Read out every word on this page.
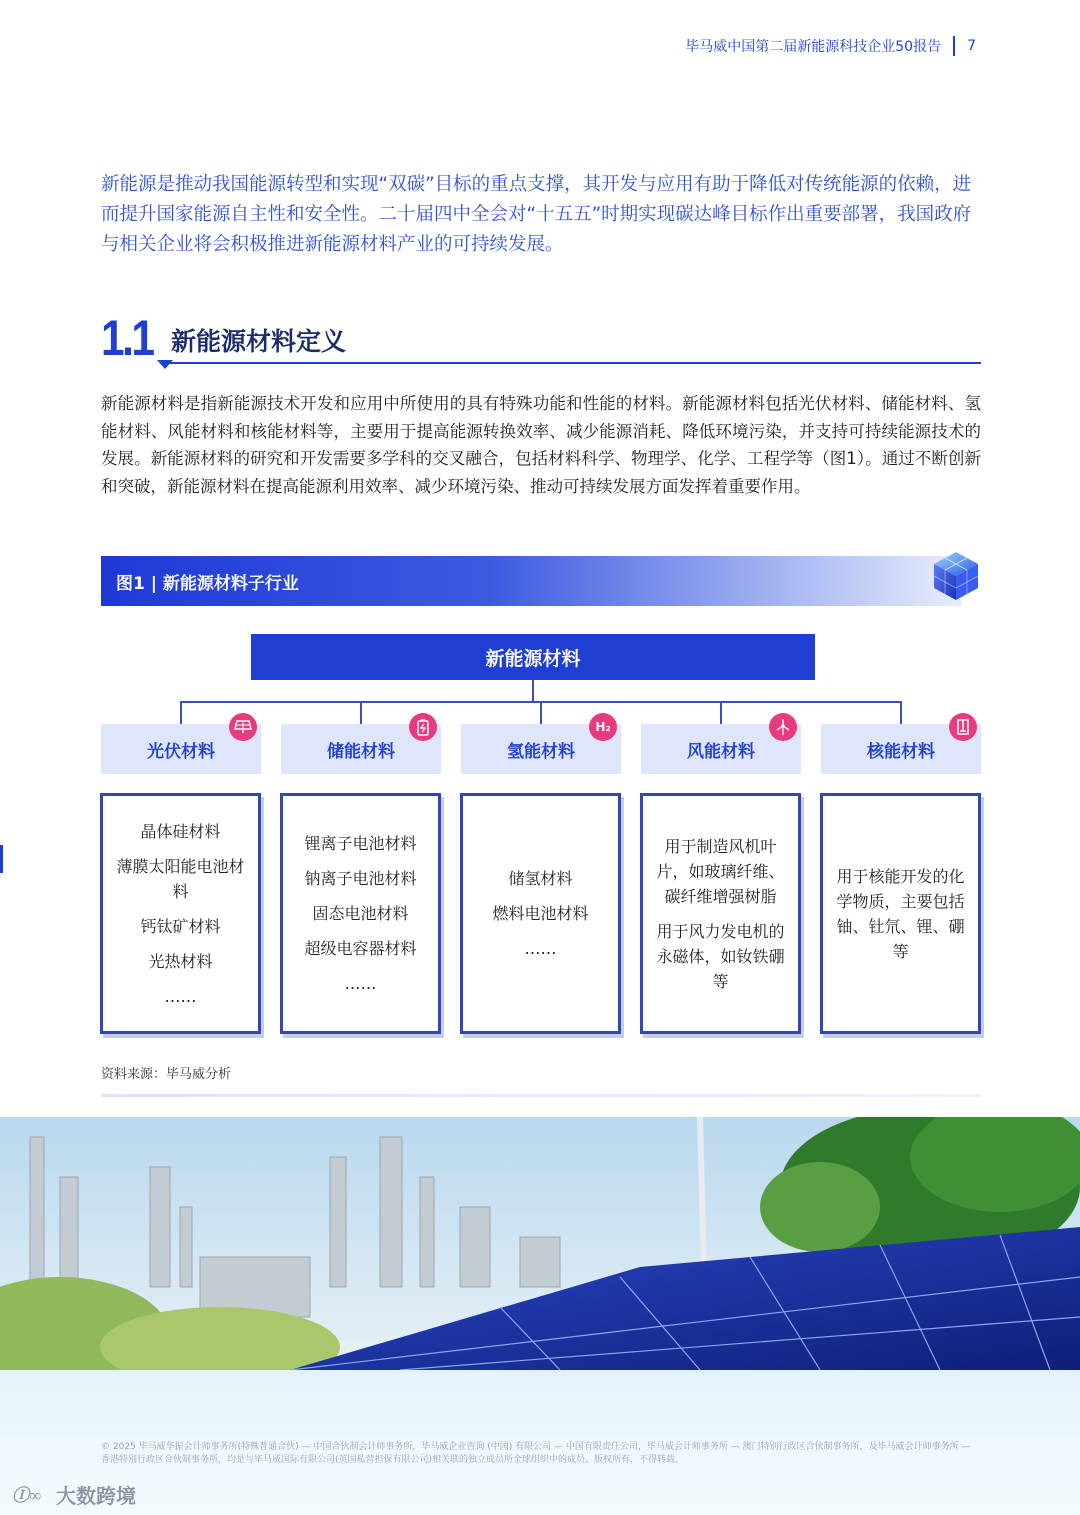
毕马威中国第二届新能源科技企业50报告 7

新能源是推动我国能源转型和实现“双碳”目标的重点支撑，其开发与应用有助于降低对传统能源的依赖，进而提升国家能源自主性和安全性。二十届四中全会对“十五五”时期实现碳达峰目标作出重要部署，我国政府与相关企业将会积极推进新能源材料产业的可持续发展。

1.1 新能源材料定义

新能源材料是指新能源技术开发和应用中所使用的具有特殊功能和性能的材料。新能源材料包括光伏材料、储能材料、氢能材料、风能材料和核能材料等，主要用于提高能源转换效率、减少能源消耗、降低环境污染，并支持可持续能源技术的发展。新能源材料的研究和开发需要多学科的交叉融合，包括材料科学、物理学、化学、工程学等（图1）。通过不断创新和突破，新能源材料在提高能源利用效率、减少环境污染、推动可持续发展方面发挥着重要作用。

图1 | 新能源材料子行业
新能源材料
光伏材料
晶体硅材料
薄膜太阳能电池材料
钙钛矿材料
光热材料
……
储能材料
锂离子电池材料
钠离子电池材料
固态电池材料
超级电容器材料
……
氢能材料
H₂
储氢材料
燃料电池材料
……
风能材料
用于制造风机叶片，如玻璃纤维、碳纤维增强树脂
用于风力发电机的永磁体，如钕铁硼等
核能材料
用于核能开发的化学物质，主要包括铀、钍氘、锂、硼等
资料来源：毕马威分析

© 2025 毕马威华振会计师事务所(特殊普通合伙) — 中国合伙制会计师事务所，毕马威企业咨询 (中国) 有限公司 — 中国有限责任公司，毕马威会计师事务所 — 澳门特别行政区合伙制事务所，及毕马威会计师事务所 — 香港特别行政区合伙制事务所，均是与毕马威国际有限公司(英国私营担保有限公司)相关联的独立成员所全球组织中的成员。版权所有，不得转载。

Ⓘ∞ 大数跨境
